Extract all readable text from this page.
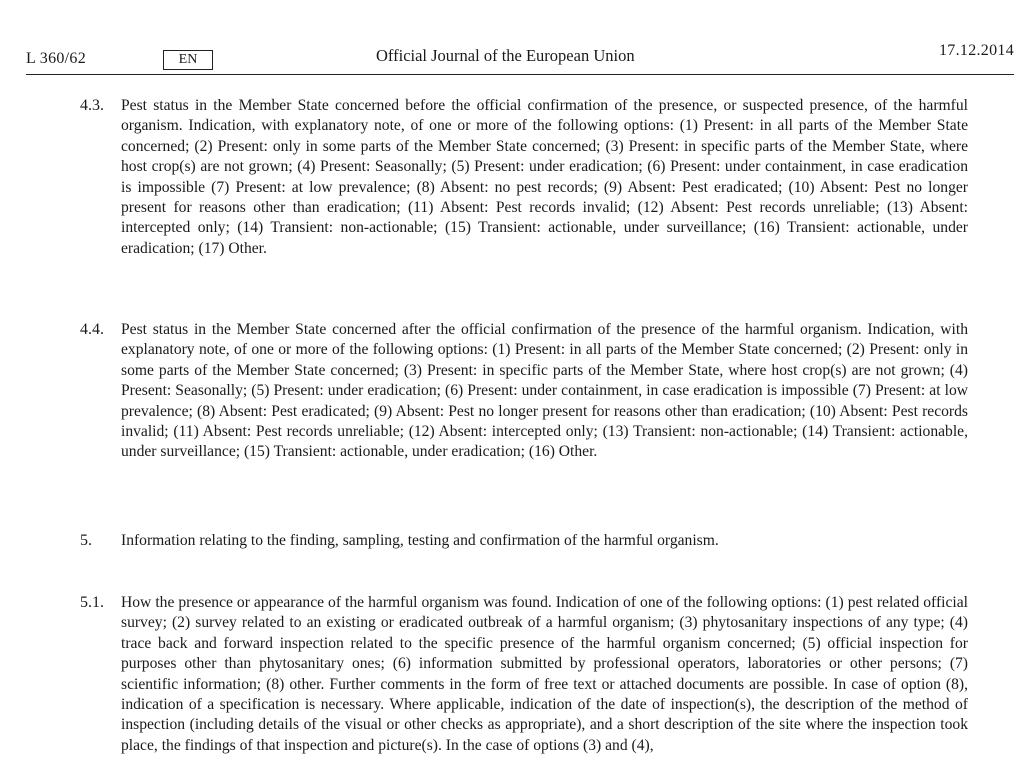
L 360/62	EN	Official Journal of the European Union	17.12.2014
4.3. Pest status in the Member State concerned before the official confirmation of the presence, or suspected presence, of the harmful organism. Indication, with explanatory note, of one or more of the following options: (1) Present: in all parts of the Member State concerned; (2) Present: only in some parts of the Member State concerned; (3) Present: in specific parts of the Member State, where host crop(s) are not grown; (4) Present: Seasonally; (5) Present: under eradication; (6) Present: under containment, in case eradication is impossible (7) Present: at low prevalence; (8) Absent: no pest records; (9) Absent: Pest eradicated; (10) Absent: Pest no longer present for reasons other than eradication; (11) Absent: Pest records invalid; (12) Absent: Pest records unreliable; (13) Absent: intercepted only; (14) Transient: non-actionable; (15) Transient: actionable, under surveillance; (16) Transient: actionable, under eradication; (17) Other.
4.4. Pest status in the Member State concerned after the official confirmation of the presence of the harmful organism. Indication, with explanatory note, of one or more of the following options: (1) Present: in all parts of the Member State concerned; (2) Present: only in some parts of the Member State concerned; (3) Present: in specific parts of the Member State, where host crop(s) are not grown; (4) Present: Seasonally; (5) Present: under eradication; (6) Present: under containment, in case eradication is impossible (7) Present: at low prevalence; (8) Absent: Pest eradicated; (9) Absent: Pest no longer present for reasons other than eradication; (10) Absent: Pest records invalid; (11) Absent: Pest records unreliable; (12) Absent: intercepted only; (13) Transient: non-actionable; (14) Transient: actionable, under surveillance; (15) Transient: actionable, under eradication; (16) Other.
5. Information relating to the finding, sampling, testing and confirmation of the harmful organism.
5.1. How the presence or appearance of the harmful organism was found. Indication of one of the following options: (1) pest related official survey; (2) survey related to an existing or eradicated outbreak of a harmful organism; (3) phytosanitary inspections of any type; (4) trace back and forward inspection related to the specific presence of the harmful organism concerned; (5) official inspection for purposes other than phytosanitary ones; (6) information submitted by professional operators, laboratories or other persons; (7) scientific information; (8) other. Further comments in the form of free text or attached documents are possible. In case of option (8), indication of a specification is necessary. Where applicable, indication of the date of inspection(s), the description of the method of inspection (including details of the visual or other checks as appropriate), and a short description of the site where the inspection took place, the findings of that inspection and picture(s). In the case of options (3) and (4),
